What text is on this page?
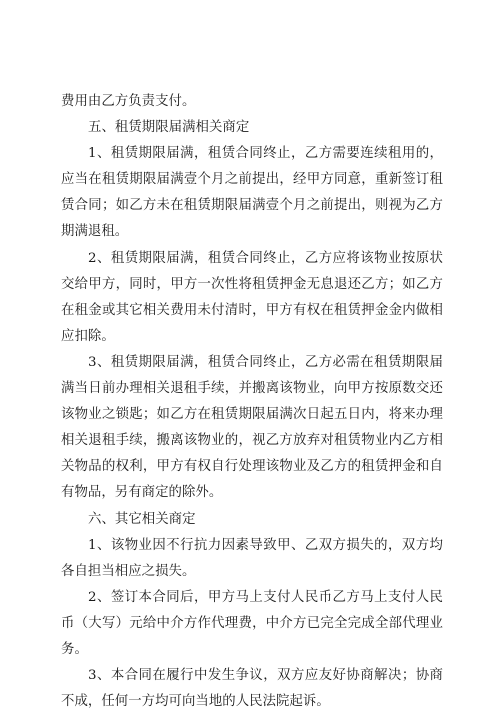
费用由乙方负责支付。

五、租赁期限届满相关商定

1、租赁期限届满，租赁合同终止，乙方需要连续租用的，应当在租赁期限届满壹个月之前提出，经甲方同意，重新签订租赁合同；如乙方未在租赁期限届满壹个月之前提出，则视为乙方期满退租。

2、租赁期限届满，租赁合同终止，乙方应将该物业按原状交给甲方，同时，甲方一次性将租赁押金无息退还乙方；如乙方在租金或其它相关费用未付清时，甲方有权在租赁押金金内做相应扣除。

3、租赁期限届满，租赁合同终止，乙方必需在租赁期限届满当日前办理相关退租手续，并搬离该物业，向甲方按原数交还该物业之锁匙；如乙方在租赁期限届满次日起五日内，将来办理相关退租手续，搬离该物业的，视乙方放弃对租赁物业内乙方相关物品的权利，甲方有权自行处理该物业及乙方的租赁押金和自有物品，另有商定的除外。

六、其它相关商定

1、该物业因不行抗力因素导致甲、乙双方损失的，双方均各自担当相应之损失。

2、签订本合同后，甲方马上支付人民币乙方马上支付人民币（大写）元给中介方作代理费，中介方已完全完成全部代理业务。

3、本合同在履行中发生争议，双方应友好协商解决；协商不成，任何一方均可向当地的人民法院起诉。
